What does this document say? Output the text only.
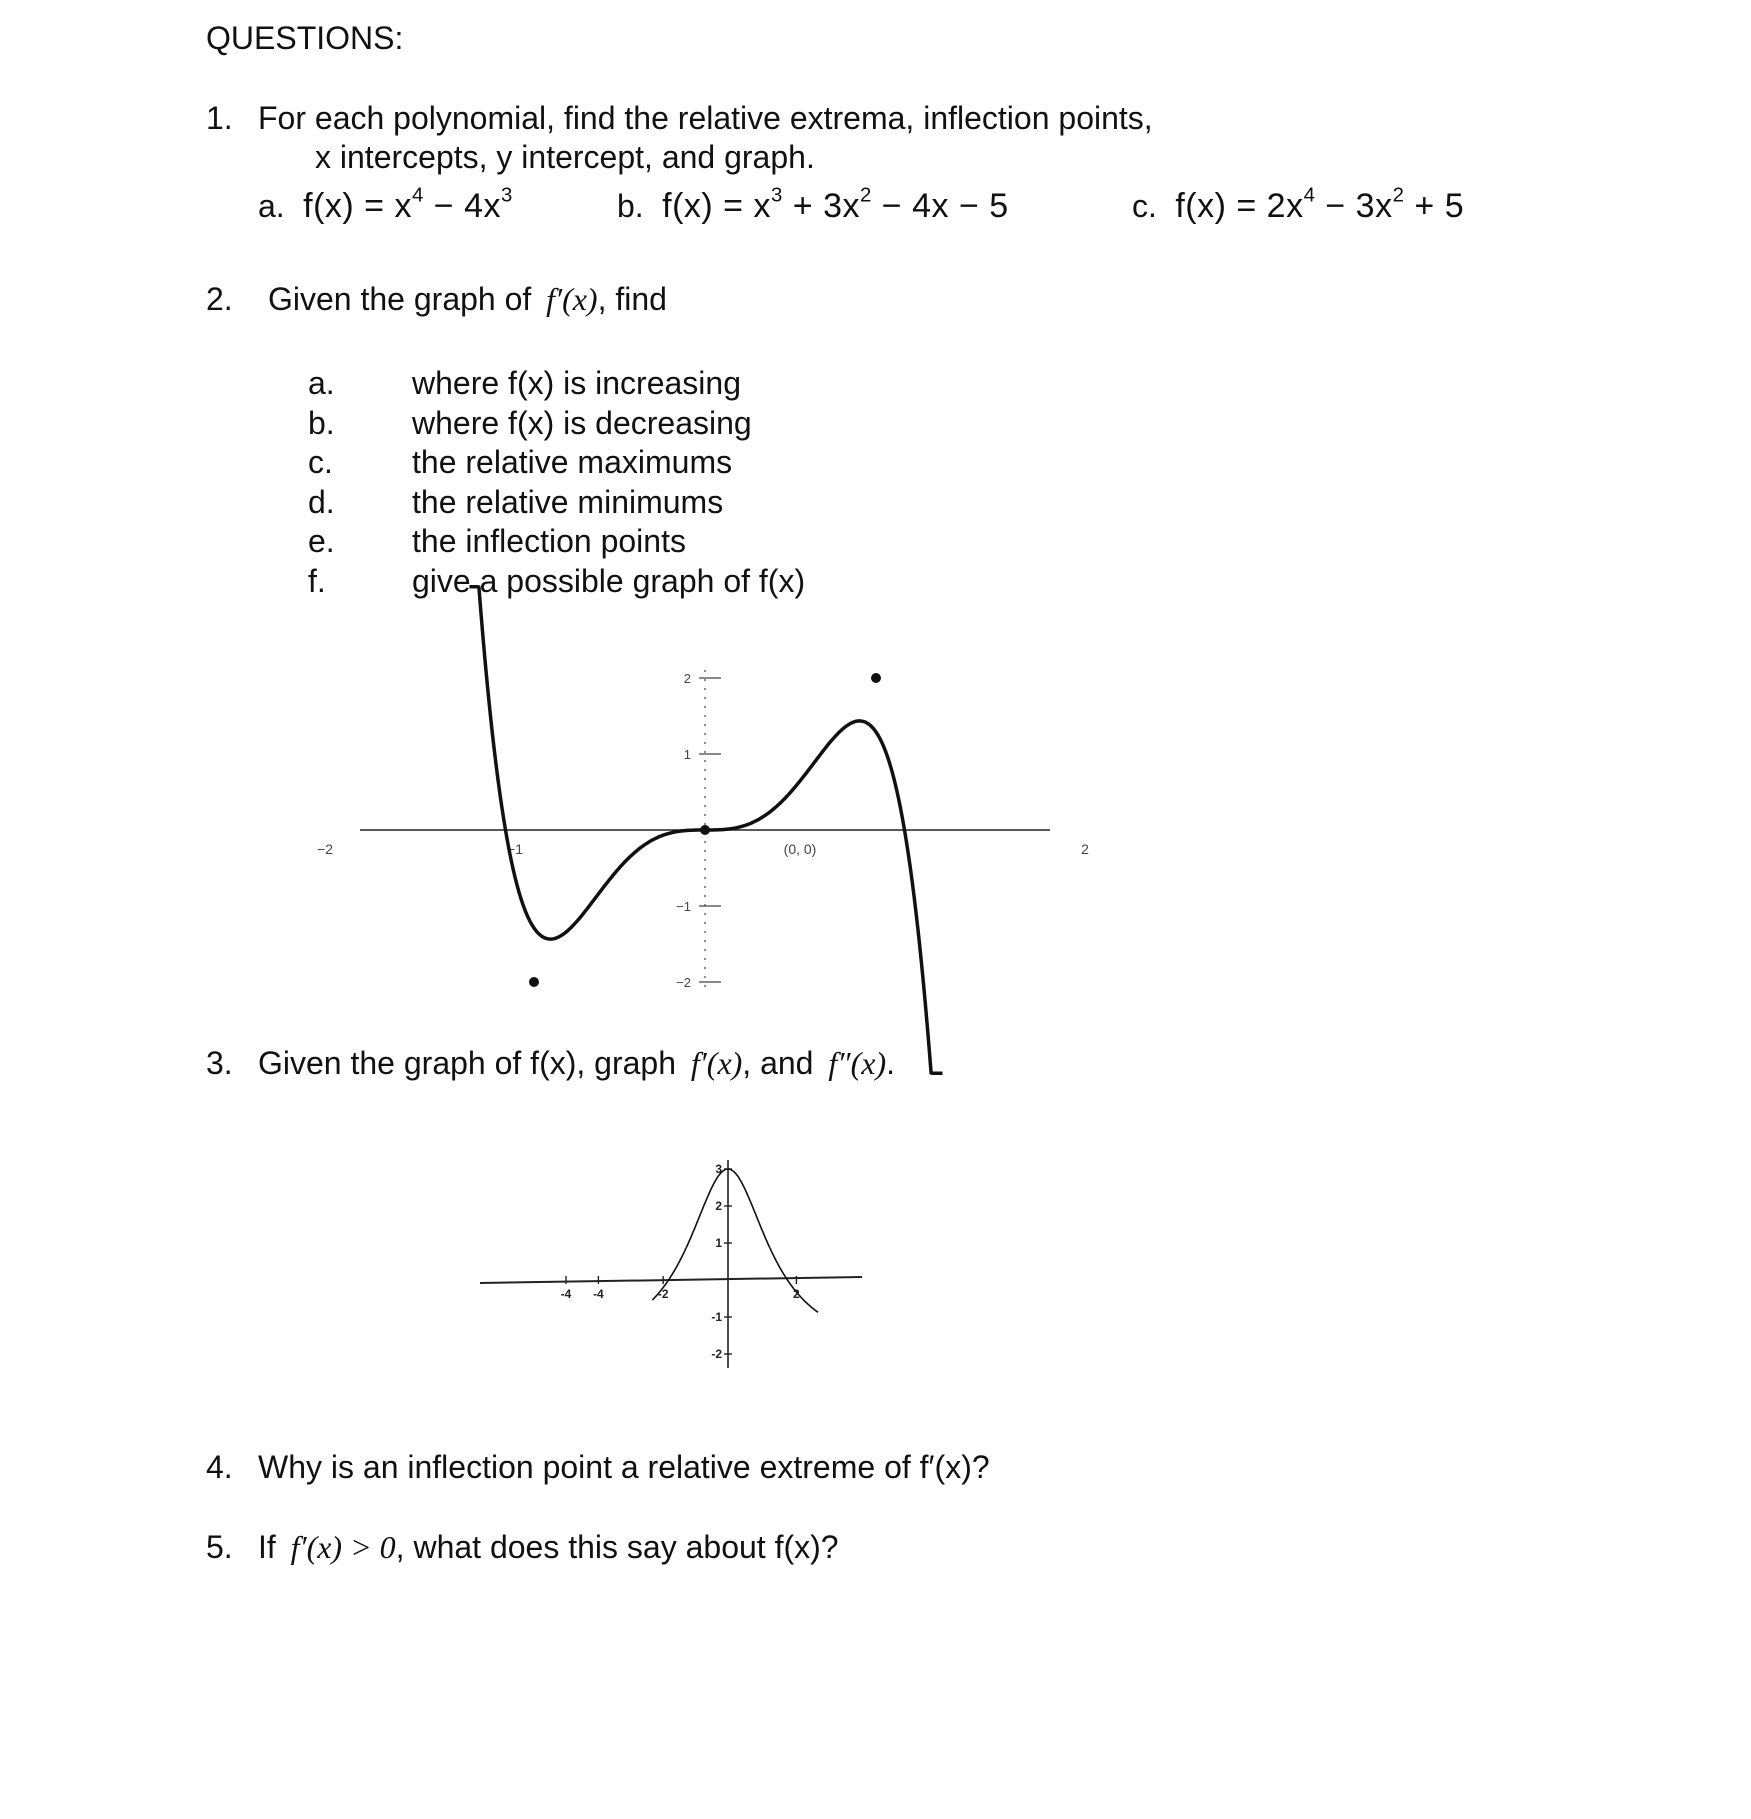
QUESTIONS:
1. For each polynomial, find the relative extrema, inflection points,
x intercepts, y intercept, and graph.
a. $f(x) = x^4 - 4x^3$	b. $f(x) = x^3 + 3x^2 - 4x - 5$	c. $f(x) = 2x^4 - 3x^2 + 5$
2. Given the graph of f′(x), find
a. where f(x) is increasing
b. where f(x) is decreasing
c. the relative maximums
d. the relative minimums
e. the inflection points
f.	give a possible graph of f(x)
−2	−1	(0, 0)	2
2
1
−1
−2
3. Given the graph of f(x), graph f′(x), and f″(x).
-4 -4	-2	2
3
2
1
-1
-2
4. Why is an inflection point a relative extreme of f′(x)?
5. If f′(x) > 0, what does this say about f(x)?
